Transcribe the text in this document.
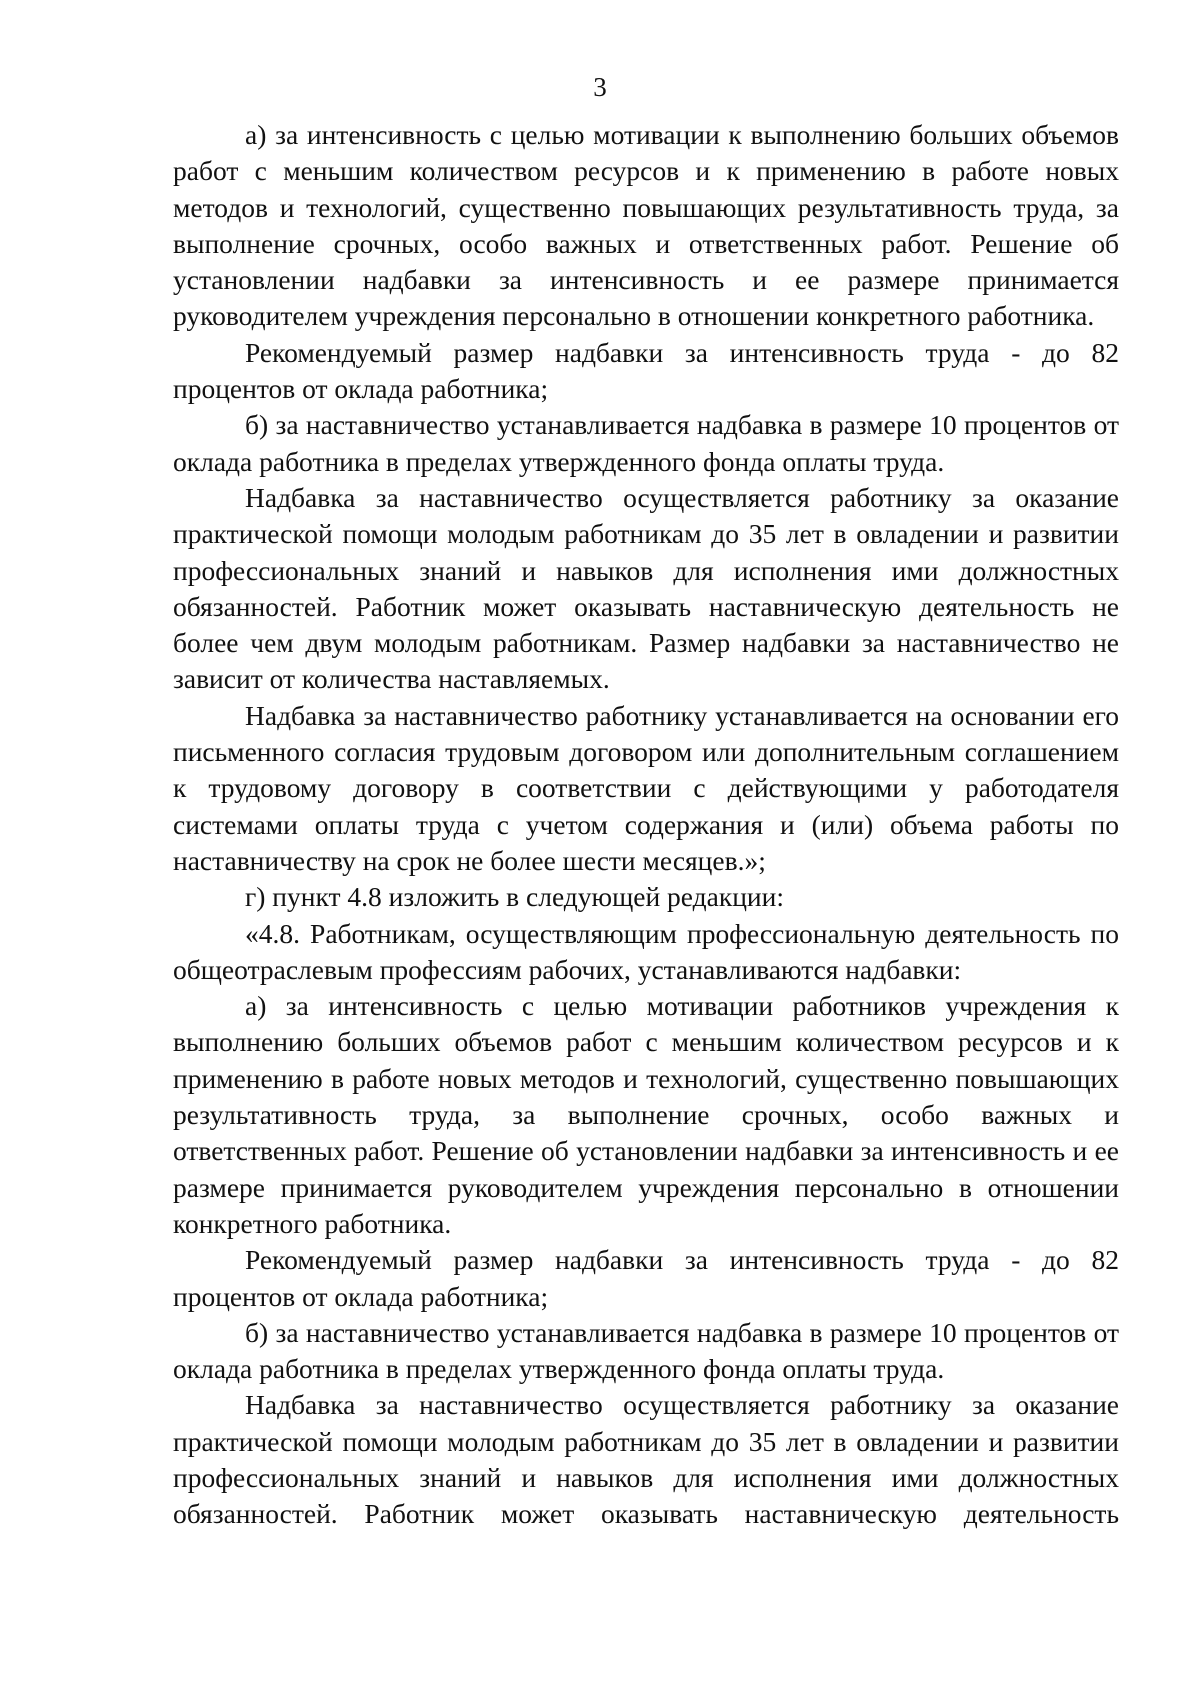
3

а) за интенсивность с целью мотивации к выполнению больших объемов работ с меньшим количеством ресурсов и к применению в работе новых методов и технологий, существенно повышающих результативность труда, за выполнение срочных, особо важных и ответственных работ. Решение об установлении надбавки за интенсивность и ее размере принимается руководителем учреждения персонально в отношении конкретного работника.

Рекомендуемый размер надбавки за интенсивность труда - до 82 процентов от оклада работника;

б) за наставничество устанавливается надбавка в размере 10 процентов от оклада работника в пределах утвержденного фонда оплаты труда.

Надбавка за наставничество осуществляется работнику за оказание практической помощи молодым работникам до 35 лет в овладении и развитии профессиональных знаний и навыков для исполнения ими должностных обязанностей. Работник может оказывать наставническую деятельность не более чем двум молодым работникам. Размер надбавки за наставничество не зависит от количества наставляемых.

Надбавка за наставничество работнику устанавливается на основании его письменного согласия трудовым договором или дополнительным соглашением к трудовому договору в соответствии с действующими у работодателя системами оплаты труда с учетом содержания и (или) объема работы по наставничеству на срок не более шести месяцев.»;

г) пункт 4.8 изложить в следующей редакции:

«4.8. Работникам, осуществляющим профессиональную деятельность по общеотраслевым профессиям рабочих, устанавливаются надбавки:

а) за интенсивность с целью мотивации работников учреждения к выполнению больших объемов работ с меньшим количеством ресурсов и к применению в работе новых методов и технологий, существенно повышающих результативность труда, за выполнение срочных, особо важных и ответственных работ. Решение об установлении надбавки за интенсивность и ее размере принимается руководителем учреждения персонально в отношении конкретного работника.

Рекомендуемый размер надбавки за интенсивность труда - до 82 процентов от оклада работника;

б) за наставничество устанавливается надбавка в размере 10 процентов от оклада работника в пределах утвержденного фонда оплаты труда.

Надбавка за наставничество осуществляется работнику за оказание практической помощи молодым работникам до 35 лет в овладении и развитии профессиональных знаний и навыков для исполнения ими должностных обязанностей. Работник может оказывать наставническую деятельность
